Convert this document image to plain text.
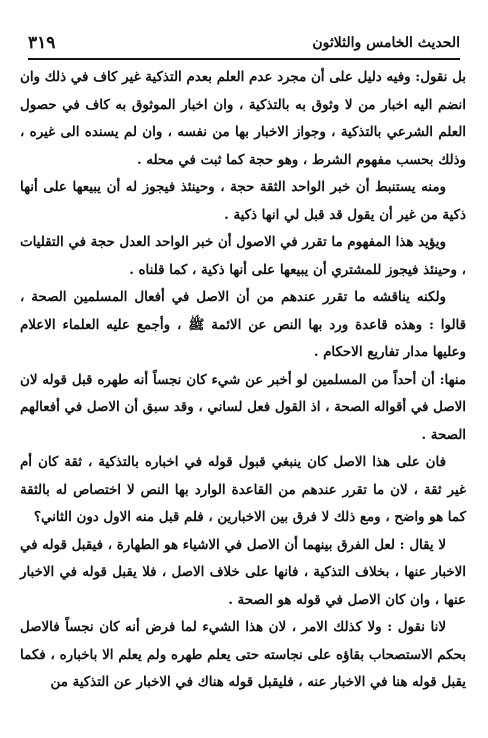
الحديث الخامس والثلاثون
٣١٩

بل نقول: وفيه دليل على أن مجرد عدم العلم بعدم التذكية غير كاف في ذلك وان انضم اليه اخبار من لا وثوق به بالتذكية ، وان اخبار الموثوق به كاف في حصول العلم الشرعي بالتذكية ، وجواز الاخبار بها من نفسه ، وان لم يسنده الى غيره ، وذلك بحسب مفهوم الشرط ، وهو حجة كما ثبت في محله .

ومنه يستنبط أن خبر الواحد الثقة حجة ، وحينئذ فيجوز له أن يبيعها على أنها ذكية من غير أن يقول قد قبل لي انها ذكية .

ويؤيد هذا المفهوم ما تقرر في الاصول أن خبر الواحد العدل حجة في التقليات ، وحينئذ فيجوز للمشتري أن يبيعها على أنها ذكية ، كما قلناه .

ولكنه يناقشه ما تقرر عندهم من أن الاصل في أفعال المسلمين الصحة ، قالوا : وهذه قاعدة ورد بها النص عن الائمة ﷺ ، وأجمع عليه العلماء الاعلام وعليها مدار تفاريع الاحكام .

منها: أن أحداً من المسلمين لو أخبر عن شيء كان نجساً أنه طهره قبل قوله لان الاصل في أقواله الصحة ، اذ القول فعل لساني ، وقد سبق أن الاصل في أفعالهم الصحة .

فان على هذا الاصل كان ينبغي قبول قوله في اخباره بالتذكية ، ثقة كان أم غير ثقة ، لان ما تقرر عندهم من القاعدة الوارد بها النص لا اختصاص له بالثقة كما هو واضح ، ومع ذلك لا فرق بين الاخبارين ، فلم قبل منه الاول دون الثاني؟

لا يقال : لعل الفرق بينهما أن الاصل في الاشياء هو الطهارة ، فيقبل قوله في الاخبار عنها ، بخلاف التذكية ، فانها على خلاف الاصل ، فلا يقبل قوله في الاخبار عنها ، وان كان الاصل في قوله هو الصحة .

لانا نقول : ولا كذلك الامر ، لان هذا الشيء لما فرض أنه كان نجساً فالاصل بحكم الاستصحاب بقاؤه على نجاسته حتى يعلم طهره ولم يعلم الا باخباره ، فكما يقبل قوله هنا في الاخبار عنه ، فليقبل قوله هناك في الاخبار عن التذكية من
